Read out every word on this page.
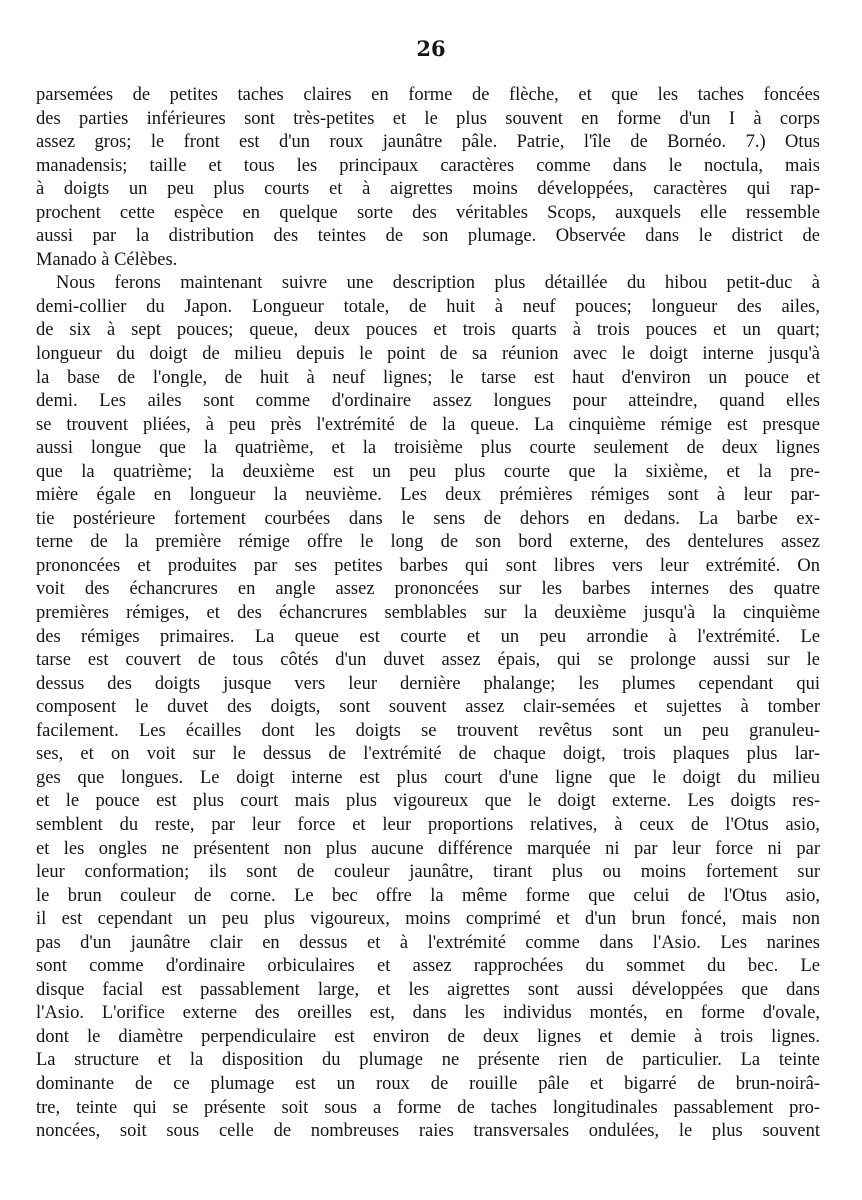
26
parsemées de petites taches claires en forme de flèche, et que les taches foncées
des parties inférieures sont très-petites et le plus souvent en forme d'un I à corps
assez gros; le front est d'un roux jaunâtre pâle. Patrie, l'île de Bornéo. 7.) Otus
manadensis; taille et tous les principaux caractères comme dans le noctula, mais
à doigts un peu plus courts et à aigrettes moins développées, caractères qui rap-
prochent cette espèce en quelque sorte des véritables Scops, auxquels elle ressemble
aussi par la distribution des teintes de son plumage. Observée dans le district de
Manado à Célèbes.
Nous ferons maintenant suivre une description plus détaillée du hibou petit-duc à
demi-collier du Japon. Longueur totale, de huit à neuf pouces; longueur des ailes,
de six à sept pouces; queue, deux pouces et trois quarts à trois pouces et un quart;
longueur du doigt de milieu depuis le point de sa réunion avec le doigt interne jusqu'à
la base de l'ongle, de huit à neuf lignes; le tarse est haut d'environ un pouce et
demi. Les ailes sont comme d'ordinaire assez longues pour atteindre, quand elles
se trouvent pliées, à peu près l'extrémité de la queue. La cinquième rémige est presque
aussi longue que la quatrième, et la troisième plus courte seulement de deux lignes
que la quatrième; la deuxième est un peu plus courte que la sixième, et la pre-
mière égale en longueur la neuvième. Les deux prémières rémiges sont à leur par-
tie postérieure fortement courbées dans le sens de dehors en dedans. La barbe ex-
terne de la première rémige offre le long de son bord externe, des dentelures assez
prononcées et produites par ses petites barbes qui sont libres vers leur extrémité. On
voit des échancrures en angle assez prononcées sur les barbes internes des quatre
premières rémiges, et des échancrures semblables sur la deuxième jusqu'à la cinquième
des rémiges primaires. La queue est courte et un peu arrondie à l'extrémité. Le
tarse est couvert de tous côtés d'un duvet assez épais, qui se prolonge aussi sur le
dessus des doigts jusque vers leur dernière phalange; les plumes cependant qui
composent le duvet des doigts, sont souvent assez clair-semées et sujettes à tomber
facilement. Les écailles dont les doigts se trouvent revêtus sont un peu granuleu-
ses, et on voit sur le dessus de l'extrémité de chaque doigt, trois plaques plus lar-
ges que longues. Le doigt interne est plus court d'une ligne que le doigt du milieu
et le pouce est plus court mais plus vigoureux que le doigt externe. Les doigts res-
semblent du reste, par leur force et leur proportions relatives, à ceux de l'Otus asio,
et les ongles ne présentent non plus aucune différence marquée ni par leur force ni par
leur conformation; ils sont de couleur jaunâtre, tirant plus ou moins fortement sur
le brun couleur de corne. Le bec offre la même forme que celui de l'Otus asio,
il est cependant un peu plus vigoureux, moins comprimé et d'un brun foncé, mais non
pas d'un jaunâtre clair en dessus et à l'extrémité comme dans l'Asio. Les narines
sont comme d'ordinaire orbiculaires et assez rapprochées du sommet du bec. Le
disque facial est passablement large, et les aigrettes sont aussi développées que dans
l'Asio. L'orifice externe des oreilles est, dans les individus montés, en forme d'ovale,
dont le diamètre perpendiculaire est environ de deux lignes et demie à trois lignes.
La structure et la disposition du plumage ne présente rien de particulier. La teinte
dominante de ce plumage est un roux de rouille pâle et bigarré de brun-noirâ-
tre, teinte qui se présente soit sous a forme de taches longitudinales passablement pro-
noncées, soit sous celle de nombreuses raies transversales ondulées, le plus souvent
